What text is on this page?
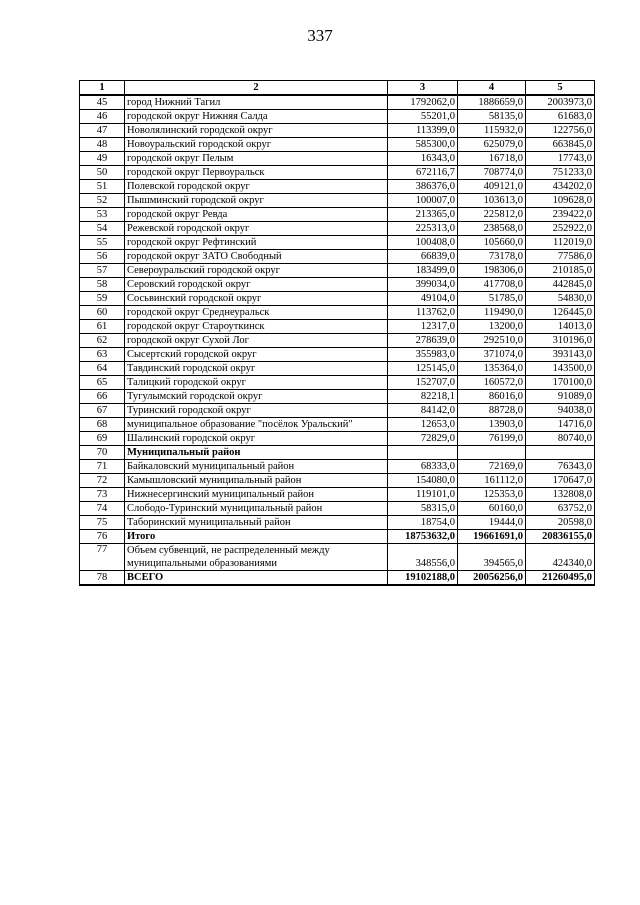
337
1	2	3	4	5
45	город Нижний Тагил	1792062,0	1886659,0	2003973,0
46	городской округ Нижняя Салда	55201,0	58135,0	61683,0
47	Новолялинский городской округ	113399,0	115932,0	122756,0
48	Новоуральский городской округ	585300,0	625079,0	663845,0
49	городской округ Пелым	16343,0	16718,0	17743,0
50	городской округ Первоуральск	672116,7	708774,0	751233,0
51	Полевской городской округ	386376,0	409121,0	434202,0
52	Пышминский городской округ	100007,0	103613,0	109628,0
53	городской округ Ревда	213365,0	225812,0	239422,0
54	Режевской городской округ	225313,0	238568,0	252922,0
55	городской округ Рефтинский	100408,0	105660,0	112019,0
56	городской округ ЗАТО Свободный	66839,0	73178,0	77586,0
57	Североуральский городской округ	183499,0	198306,0	210185,0
58	Серовский городской округ	399034,0	417708,0	442845,0
59	Сосьвинский городской округ	49104,0	51785,0	54830,0
60	городской округ Среднеуральск	113762,0	119490,0	126445,0
61	городской округ Староуткинск	12317,0	13200,0	14013,0
62	городской округ Сухой Лог	278639,0	292510,0	310196,0
63	Сысертский городской округ	355983,0	371074,0	393143,0
64	Тавдинский городской округ	125145,0	135364,0	143500,0
65	Талицкий городской округ	152707,0	160572,0	170100,0
66	Тугулымский городской округ	82218,1	86016,0	91089,0
67	Туринский городской округ	84142,0	88728,0	94038,0
68	муниципальное образование "посёлок Уральский"	12653,0	13903,0	14716,0
69	Шалинский городской округ	72829,0	76199,0	80740,0
70	Муниципальный район			
71	Байкаловский муниципальный район	68333,0	72169,0	76343,0
72	Камышловский муниципальный район	154080,0	161112,0	170647,0
73	Нижнесергинский муниципальный район	119101,0	125353,0	132808,0
74	Слободо-Туринский муниципальный район	58315,0	60160,0	63752,0
75	Таборинский муниципальный район	18754,0	19444,0	20598,0
76	Итого	18753632,0	19661691,0	20836155,0
77	Объем субвенций, не распределенный между муниципальными образованиями	348556,0	394565,0	424340,0
78	ВСЕГО	19102188,0	20056256,0	21260495,0
